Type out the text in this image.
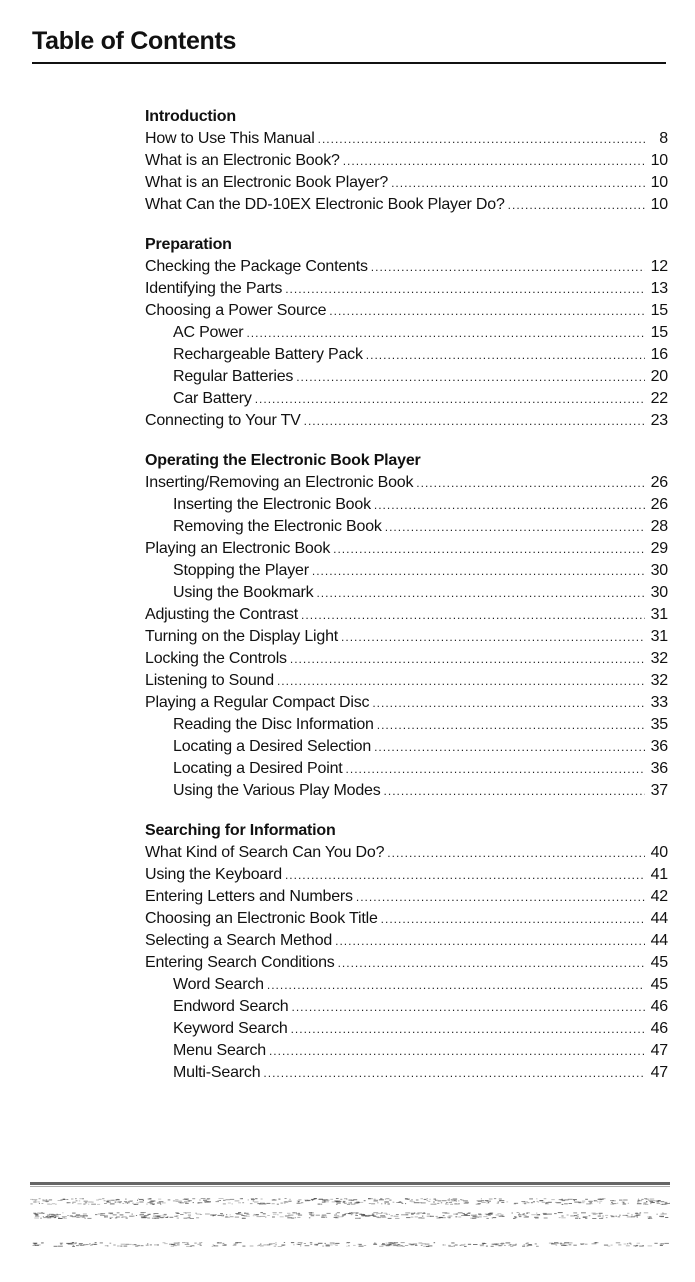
Table of Contents
Introduction
How to Use This Manual .....	8
What is an Electronic Book? .....	10
What is an Electronic Book Player? .....	10
What Can the DD-10EX Electronic Book Player Do? .....	10
Preparation
Checking the Package Contents .....	12
Identifying the Parts .....	13
Choosing a Power Source .....	15
AC Power .....	15
Rechargeable Battery Pack .....	16
Regular Batteries .....	20
Car Battery .....	22
Connecting to Your TV .....	23
Operating the Electronic Book Player
Inserting/Removing an Electronic Book .....	26
Inserting the Electronic Book .....	26
Removing the Electronic Book .....	28
Playing an Electronic Book .....	29
Stopping the Player .....	30
Using the Bookmark .....	30
Adjusting the Contrast .....	31
Turning on the Display Light .....	31
Locking the Controls .....	32
Listening to Sound .....	32
Playing a Regular Compact Disc .....	33
Reading the Disc Information .....	35
Locating a Desired Selection .....	36
Locating a Desired Point .....	36
Using the Various Play Modes .....	37
Searching for Information
What Kind of Search Can You Do? .....	40
Using the Keyboard .....	41
Entering Letters and Numbers .....	42
Choosing an Electronic Book Title .....	44
Selecting a Search Method .....	44
Entering Search Conditions .....	45
Word Search .....	45
Endword Search .....	46
Keyword Search .....	46
Menu Search .....	47
Multi-Search .....	47
